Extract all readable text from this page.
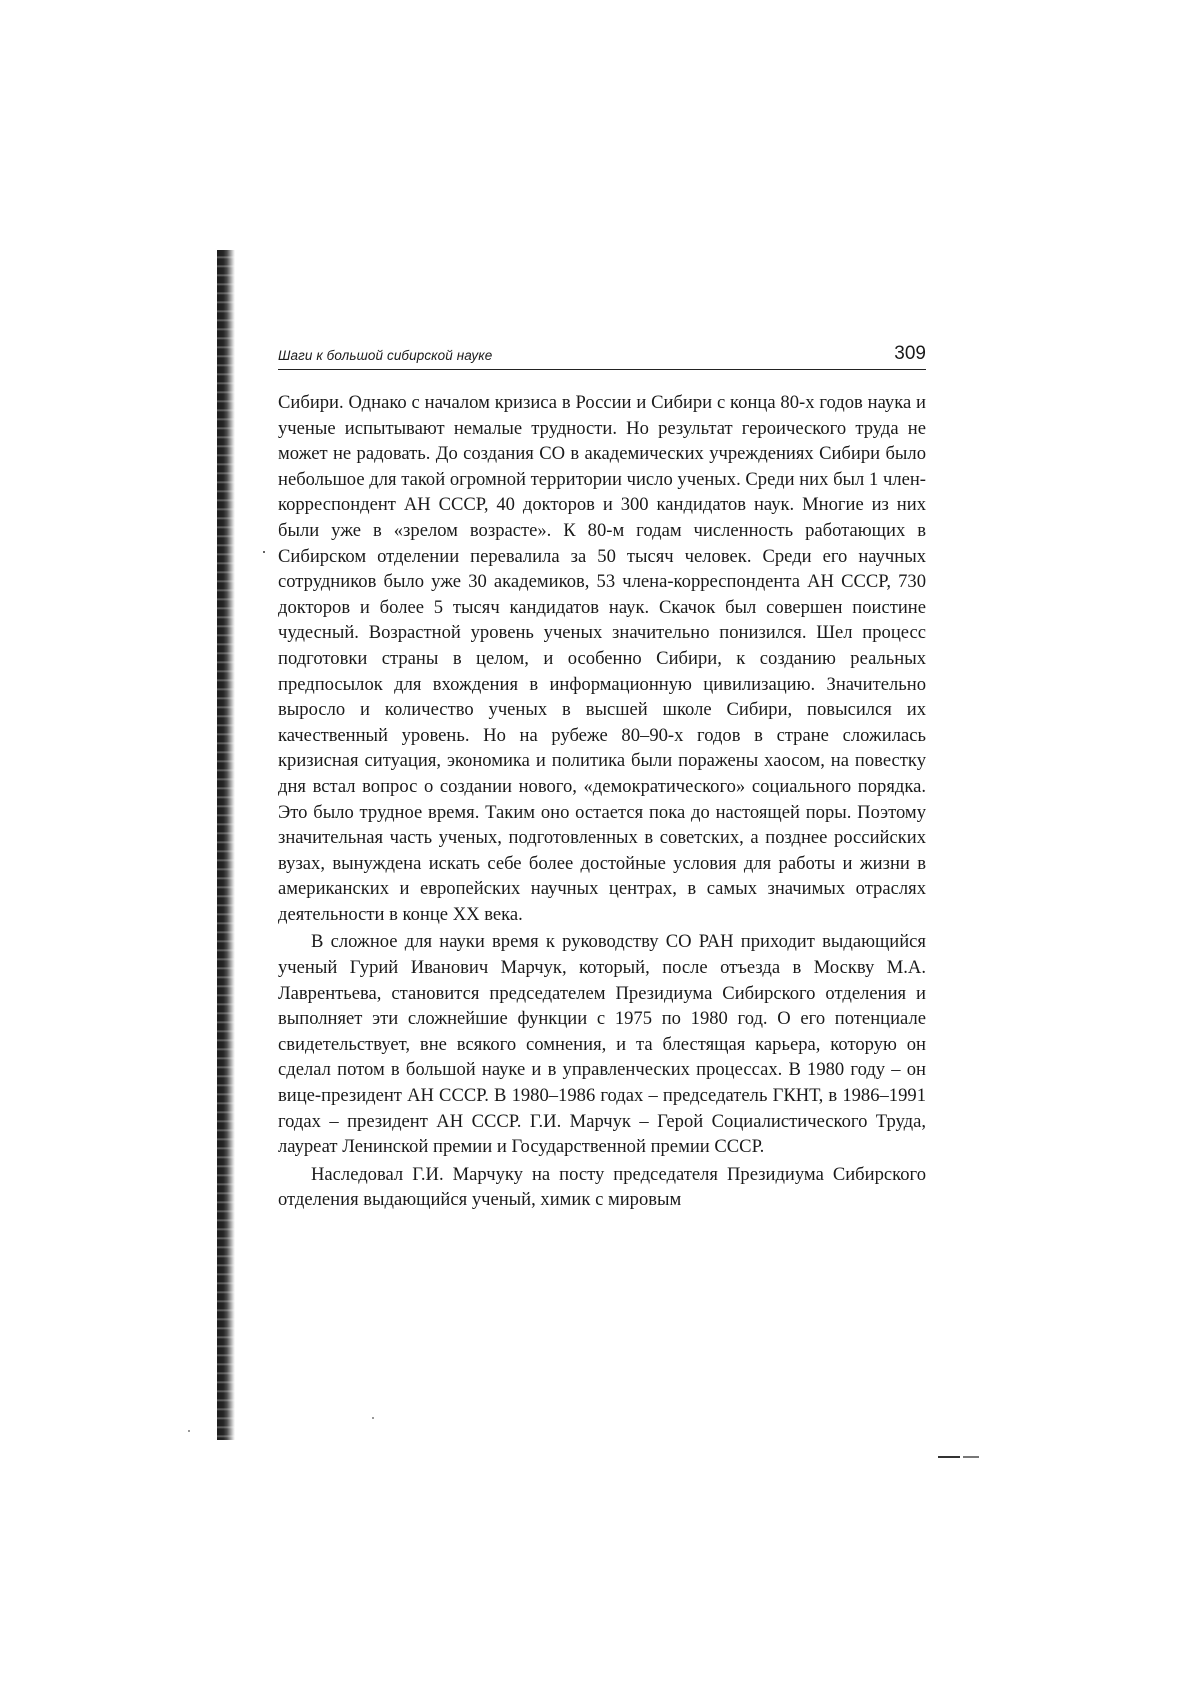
Шаги к большой сибирской науке	309

Сибири. Однако с началом кризиса в России и Сибири с конца 80-х годов наука и ученые испытывают немалые трудности. Но результат героического труда не может не радовать. До создания СО в академических учреждениях Сибири было небольшое для такой огромной территории число ученых. Среди них был 1 член-корреспондент АН СССР, 40 докторов и 300 кандидатов наук. Многие из них были уже в «зрелом возрасте». К 80-м годам численность работающих в Сибирском отделении перевалила за 50 тысяч человек. Среди его научных сотрудников было уже 30 академиков, 53 члена-корреспондента АН СССР, 730 докторов и более 5 тысяч кандидатов наук. Скачок был совершен поистине чудесный. Возрастной уровень ученых значительно понизился. Шел процесс подготовки страны в целом, и особенно Сибири, к созданию реальных предпосылок для вхождения в информационную цивилизацию. Значительно выросло и количество ученых в высшей школе Сибири, повысился их качественный уровень. Но на рубеже 80–90-х годов в стране сложилась кризисная ситуация, экономика и политика были поражены хаосом, на повестку дня встал вопрос о создании нового, «демократического» социального порядка. Это было трудное время. Таким оно остается пока до настоящей поры. Поэтому значительная часть ученых, подготовленных в советских, а позднее российских вузах, вынуждена искать себе более достойные условия для работы и жизни в американских и европейских научных центрах, в самых значимых отраслях деятельности в конце XX века.

В сложное для науки время к руководству СО РАН приходит выдающийся ученый Гурий Иванович Марчук, который, после отъезда в Москву М.А. Лаврентьева, становится председателем Президиума Сибирского отделения и выполняет эти сложнейшие функции с 1975 по 1980 год. О его потенциале свидетельствует, вне всякого сомнения, и та блестящая карьера, которую он сделал потом в большой науке и в управленческих процессах. В 1980 году – он вице-президент АН СССР. В 1980–1986 годах – председатель ГКНТ, в 1986–1991 годах – президент АН СССР. Г.И. Марчук – Герой Социалистического Труда, лауреат Ленинской премии и Государственной премии СССР.

Наследовал Г.И. Марчуку на посту председателя Президиума Сибирского отделения выдающийся ученый, химик с мировым
